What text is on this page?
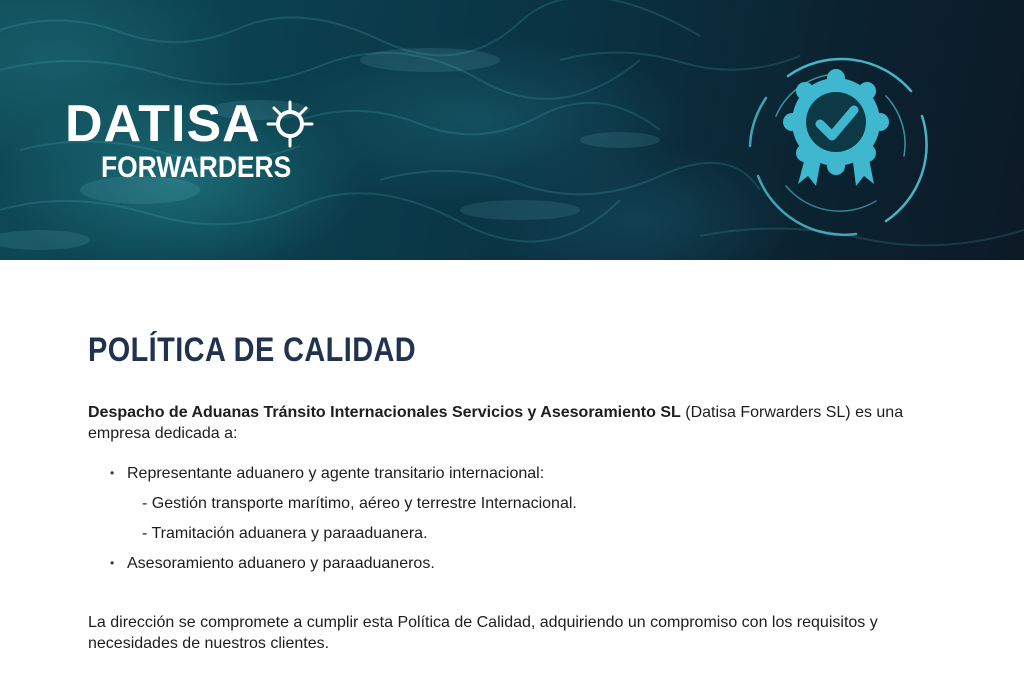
DATISA
FORWARDERS
POLÍTICA DE CALIDAD

Despacho de Aduanas Tránsito Internacionales Servicios y Asesoramiento SL (Datisa Forwarders SL) es una empresa dedicada a:

• Representante aduanero y agente transitario internacional:
- Gestión transporte marítimo, aéreo y terrestre Internacional.
- Tramitación aduanera y paraaduanera.
• Asesoramiento aduanero y paraaduaneros.

La dirección se compromete a cumplir esta Política de Calidad, adquiriendo un compromiso con los requisitos y necesidades de nuestros clientes.
